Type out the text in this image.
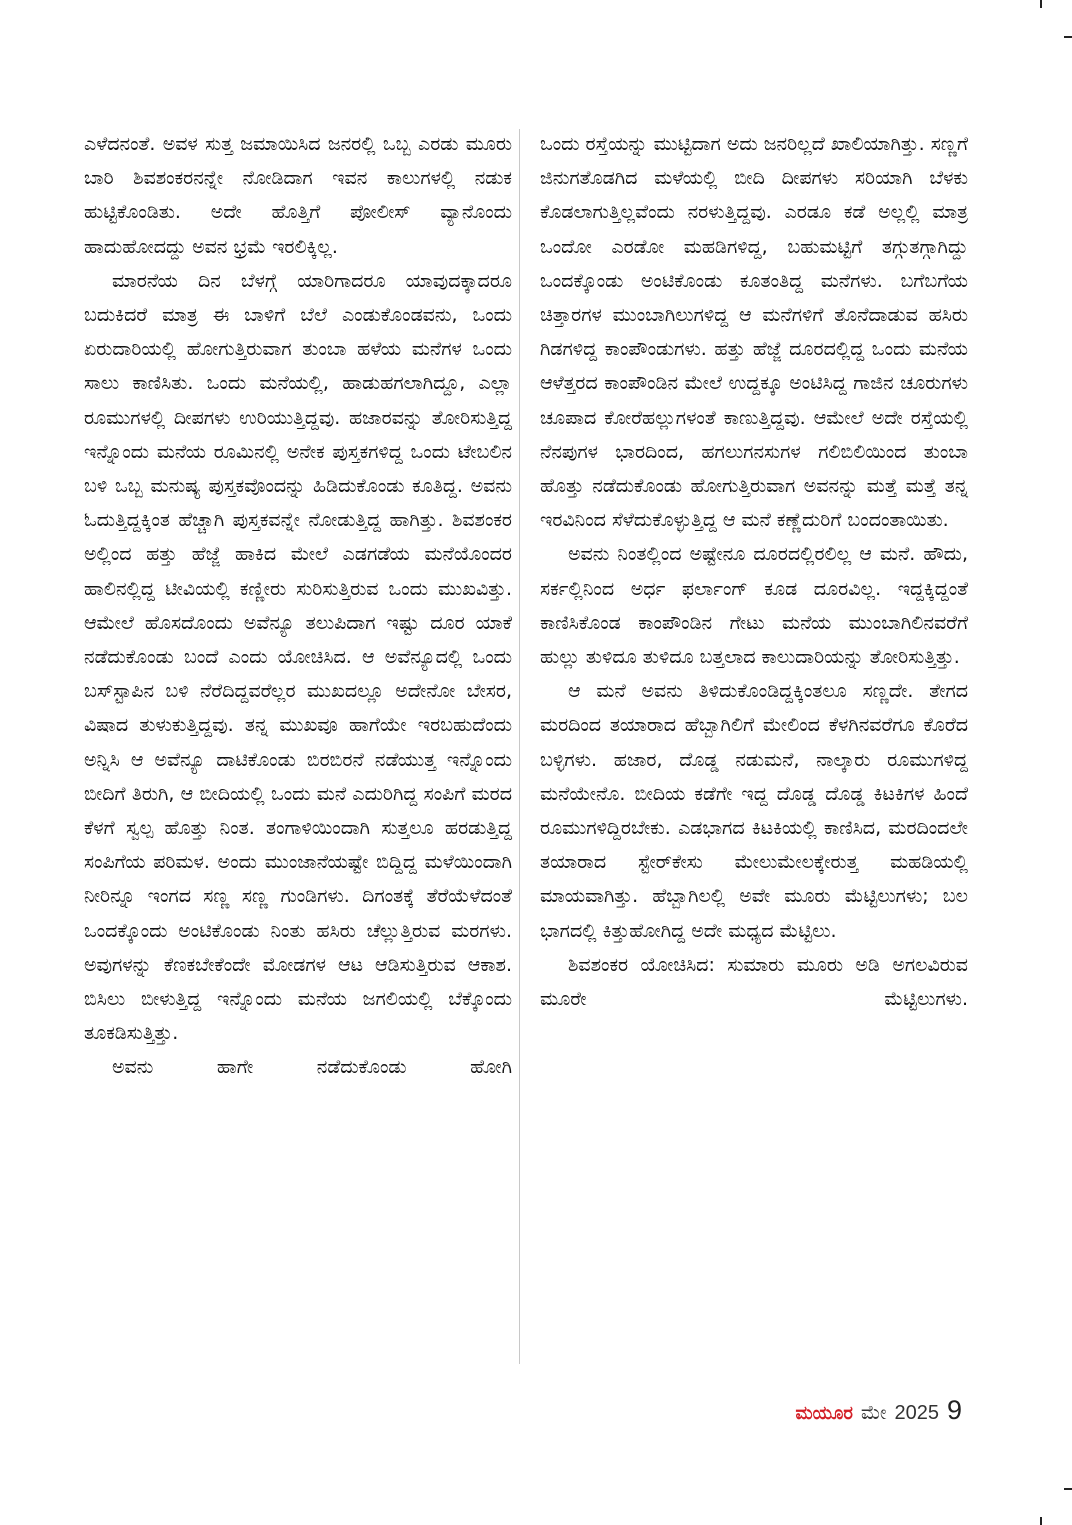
ಎಳೆದನಂತೆ. ಅವಳ ಸುತ್ತ ಜಮಾಯಿಸಿದ ಜನರಲ್ಲಿ ಒಬ್ಬ ಎರಡು ಮೂರು ಬಾರಿ ಶಿವಶಂಕರನನ್ನೇ ನೋಡಿದಾಗ ಇವನ ಕಾಲುಗಳಲ್ಲಿ ನಡುಕ ಹುಟ್ಟಿಕೊಂಡಿತು. ಅದೇ ಹೊತ್ತಿಗೆ ಪೋಲೀಸ್ ವ್ಯಾನೊಂದು ಹಾದುಹೋದದ್ದು ಅವನ ಭ್ರಮೆ ಇರಲಿಕ್ಕಿಲ್ಲ.

ಮಾರನೆಯ ದಿನ ಬೆಳಗ್ಗೆ ಯಾರಿಗಾದರೂ ಯಾವುದಕ್ಕಾದರೂ ಬದುಕಿದರೆ ಮಾತ್ರ ಈ ಬಾಳಿಗೆ ಬೆಲೆ ಎಂಡುಕೊಂಡವನು, ಒಂದು ಏರುದಾರಿಯಲ್ಲಿ ಹೋಗುತ್ತಿರುವಾಗ ತುಂಬಾ ಹಳೆಯ ಮನೆಗಳ ಒಂದು ಸಾಲು ಕಾಣಿಸಿತು. ಒಂದು ಮನೆಯಲ್ಲಿ, ಹಾಡುಹಗಲಾಗಿದ್ದೂ, ಎಲ್ಲಾ ರೂಮುಗಳಲ್ಲಿ ದೀಪಗಳು ಉರಿಯುತ್ತಿದ್ದವು. ಹಜಾರವನ್ನು ತೋರಿಸುತ್ತಿದ್ದ ಇನ್ನೊಂದು ಮನೆಯ ರೂಮಿನಲ್ಲಿ ಅನೇಕ ಪುಸ್ತಕಗಳಿದ್ದ ಒಂದು ಟೇಬಲಿನ ಬಳಿ ಒಬ್ಬ ಮನುಷ್ಯ ಪುಸ್ತಕವೊಂದನ್ನು ಹಿಡಿದುಕೊಂಡು ಕೂತಿದ್ದ. ಅವನು ಓದುತ್ತಿದ್ದಕ್ಕಿಂತ ಹೆಚ್ಚಾಗಿ ಪುಸ್ತಕವನ್ನೇ ನೋಡುತ್ತಿದ್ದ ಹಾಗಿತ್ತು. ಶಿವಶಂಕರ ಅಲ್ಲಿಂದ ಹತ್ತು ಹೆಜ್ಜೆ ಹಾಕಿದ ಮೇಲೆ ಎಡಗಡೆಯ ಮನೆಯೊಂದರ ಹಾಲಿನಲ್ಲಿದ್ದ ಟೀವಿಯಲ್ಲಿ ಕಣ್ಣೀರು ಸುರಿಸುತ್ತಿರುವ ಒಂದು ಮುಖವಿತ್ತು. ಆಮೇಲೆ ಹೊಸದೊಂದು ಅವೆನ್ಯೂ ತಲುಪಿದಾಗ ಇಷ್ಟು ದೂರ ಯಾಕೆ ನಡೆದುಕೊಂಡು ಬಂದೆ ಎಂದು ಯೋಚಿಸಿದ. ಆ ಅವೆನ್ಯೂದಲ್ಲಿ ಒಂದು ಬಸ್‌ಸ್ಟಾಪಿನ ಬಳಿ ನೆರೆದಿದ್ದವರೆಲ್ಲರ ಮುಖದಲ್ಲೂ ಅದೇನೋ ಬೇಸರ, ವಿಷಾದ ತುಳುಕುತ್ತಿದ್ದವು. ತನ್ನ ಮುಖವೂ ಹಾಗೆಯೇ ಇರಬಹುದೆಂದು ಅನ್ನಿಸಿ ಆ ಅವೆನ್ಯೂ ದಾಟಿಕೊಂಡು ಬಿರಬಿರನೆ ನಡೆಯುತ್ತ ಇನ್ನೊಂದು ಬೀದಿಗೆ ತಿರುಗಿ, ಆ ಬೀದಿಯಲ್ಲಿ ಒಂದು ಮನೆ ಎದುರಿಗಿದ್ದ ಸಂಪಿಗೆ ಮರದ ಕೆಳಗೆ ಸ್ವಲ್ಪ ಹೊತ್ತು ನಿಂತ. ತಂಗಾಳಿಯಿಂದಾಗಿ ಸುತ್ತಲೂ ಹರಡುತ್ತಿದ್ದ ಸಂಪಿಗೆಯ ಪರಿಮಳ. ಅಂದು ಮುಂಜಾನೆಯಷ್ಟೇ ಬಿದ್ದಿದ್ದ ಮಳೆಯಿಂದಾಗಿ ನೀರಿನ್ನೂ ಇಂಗದ ಸಣ್ಣ ಸಣ್ಣ ಗುಂಡಿಗಳು. ದಿಗಂತಕ್ಕೆ ತೆರೆಯೆಳೆದಂತೆ ಒಂದಕ್ಕೊಂದು ಅಂಟಿಕೊಂಡು ನಿಂತು ಹಸಿರು ಚೆಲ್ಲುತ್ತಿರುವ ಮರಗಳು. ಅವುಗಳನ್ನು ಕೆಣಕಬೇಕೆಂದೇ ಮೋಡಗಳ ಆಟ ಆಡಿಸುತ್ತಿರುವ ಆಕಾಶ. ಬಿಸಿಲು ಬೀಳುತ್ತಿದ್ದ ಇನ್ನೊಂದು ಮನೆಯ ಜಗಲಿಯಲ್ಲಿ ಬೆಕ್ಕೊಂದು ತೂಕಡಿಸುತ್ತಿತ್ತು.

ಅವನು ಹಾಗೇ ನಡೆದುಕೊಂಡು ಹೋಗಿ

ಒಂದು ರಸ್ತೆಯನ್ನು ಮುಟ್ಟಿದಾಗ ಅದು ಜನರಿಲ್ಲದೆ ಖಾಲಿಯಾಗಿತ್ತು. ಸಣ್ಣಗೆ ಜಿನುಗತೊಡಗಿದ ಮಳೆಯಲ್ಲಿ ಬೀದಿ ದೀಪಗಳು ಸರಿಯಾಗಿ ಬೆಳಕು ಕೊಡಲಾಗುತ್ತಿಲ್ಲವೆಂದು ನರಳುತ್ತಿದ್ದವು. ಎರಡೂ ಕಡೆ ಅಲ್ಲಲ್ಲಿ ಮಾತ್ರ ಒಂದೋ ಎರಡೋ ಮಹಡಿಗಳಿದ್ದ, ಬಹುಮಟ್ಟಿಗೆ ತಗ್ಗುತಗ್ಗಾಗಿದ್ದು ಒಂದಕ್ಕೊಂಡು ಅಂಟಿಕೊಂಡು ಕೂತಂತಿದ್ದ ಮನೆಗಳು. ಬಗೆಬಗೆಯ ಚಿತ್ತಾರಗಳ ಮುಂಬಾಗಿಲುಗಳಿದ್ದ ಆ ಮನೆಗಳಿಗೆ ತೊನೆದಾಡುವ ಹಸಿರು ಗಿಡಗಳಿದ್ದ ಕಾಂಪೌಂಡುಗಳು. ಹತ್ತು ಹೆಜ್ಜೆ ದೂರದಲ್ಲಿದ್ದ ಒಂದು ಮನೆಯ ಆಳೆತ್ತರದ ಕಾಂಪೌಂಡಿನ ಮೇಲೆ ಉದ್ದಕ್ಕೂ ಅಂಟಿಸಿದ್ದ ಗಾಜಿನ ಚೂರುಗಳು ಚೂಪಾದ ಕೋರೆಹಲ್ಲುಗಳಂತೆ ಕಾಣುತ್ತಿದ್ದವು. ಆಮೇಲೆ ಅದೇ ರಸ್ತೆಯಲ್ಲಿ ನೆನಪುಗಳ ಭಾರದಿಂದ, ಹಗಲುಗನಸುಗಳ ಗಲಿಬಿಲಿಯಿಂದ ತುಂಬಾ ಹೊತ್ತು ನಡೆದುಕೊಂಡು ಹೋಗುತ್ತಿರುವಾಗ ಅವನನ್ನು ಮತ್ತೆ ಮತ್ತೆ ತನ್ನ ಇರವಿನಿಂದ ಸೆಳೆದುಕೊಳ್ಳುತ್ತಿದ್ದ ಆ ಮನೆ ಕಣ್ಣೆದುರಿಗೆ ಬಂದಂತಾಯಿತು.

ಅವನು ನಿಂತಲ್ಲಿಂದ ಅಷ್ಟೇನೂ ದೂರದಲ್ಲಿರಲಿಲ್ಲ ಆ ಮನೆ. ಹೌದು, ಸರ್ಕಲ್ಲಿನಿಂದ ಅರ್ಧ ಫರ್ಲಾಂಗ್ ಕೂಡ ದೂರವಿಲ್ಲ. ಇದ್ದಕ್ಕಿದ್ದಂತೆ ಕಾಣಿಸಿಕೊಂಡ ಕಾಂಪೌಂಡಿನ ಗೇಟು ಮನೆಯ ಮುಂಬಾಗಿಲಿನವರೆಗೆ ಹುಲ್ಲು ತುಳಿದೂ ತುಳಿದೂ ಬತ್ತಲಾದ ಕಾಲುದಾರಿಯನ್ನು ತೋರಿಸುತ್ತಿತ್ತು.

ಆ ಮನೆ ಅವನು ತಿಳಿದುಕೊಂಡಿದ್ದಕ್ಕಿಂತಲೂ ಸಣ್ಣದೇ. ತೇಗದ ಮರದಿಂದ ತಯಾರಾದ ಹೆಬ್ಬಾಗಿಲಿಗೆ ಮೇಲಿಂದ ಕೆಳಗಿನವರೆಗೂ ಕೊರೆದ ಬಳ್ಳಿಗಳು. ಹಜಾರ, ದೊಡ್ಡ ನಡುಮನೆ, ನಾಲ್ಕಾರು ರೂಮುಗಳಿದ್ದ ಮನೆಯೇನೊ. ಬೀದಿಯ ಕಡೆಗೇ ಇದ್ದ ದೊಡ್ಡ ದೊಡ್ಡ ಕಿಟಕಿಗಳ ಹಿಂದೆ ರೂಮುಗಳಿದ್ದಿರಬೇಕು. ಎಡಭಾಗದ ಕಿಟಕಿಯಲ್ಲಿ ಕಾಣಿಸಿದ, ಮರದಿಂದಲೇ ತಯಾರಾದ ಸ್ಟೇರ್‌ಕೇಸು ಮೇಲುಮೇಲಕ್ಕೇರುತ್ತ ಮಹಡಿಯಲ್ಲಿ ಮಾಯವಾಗಿತ್ತು. ಹೆಬ್ಬಾಗಿಲಲ್ಲಿ ಅವೇ ಮೂರು ಮೆಟ್ಟಿಲುಗಳು; ಬಲ ಭಾಗದಲ್ಲಿ ಕಿತ್ತುಹೋಗಿದ್ದ ಅದೇ ಮಧ್ಯದ ಮೆಟ್ಟಿಲು.

ಶಿವಶಂಕರ ಯೋಚಿಸಿದ: ಸುಮಾರು ಮೂರು ಅಡಿ ಅಗಲವಿರುವ ಮೂರೇ ಮೆಟ್ಟಿಲುಗಳು.

ಮಯೂರ ಮೇ 2025 9
